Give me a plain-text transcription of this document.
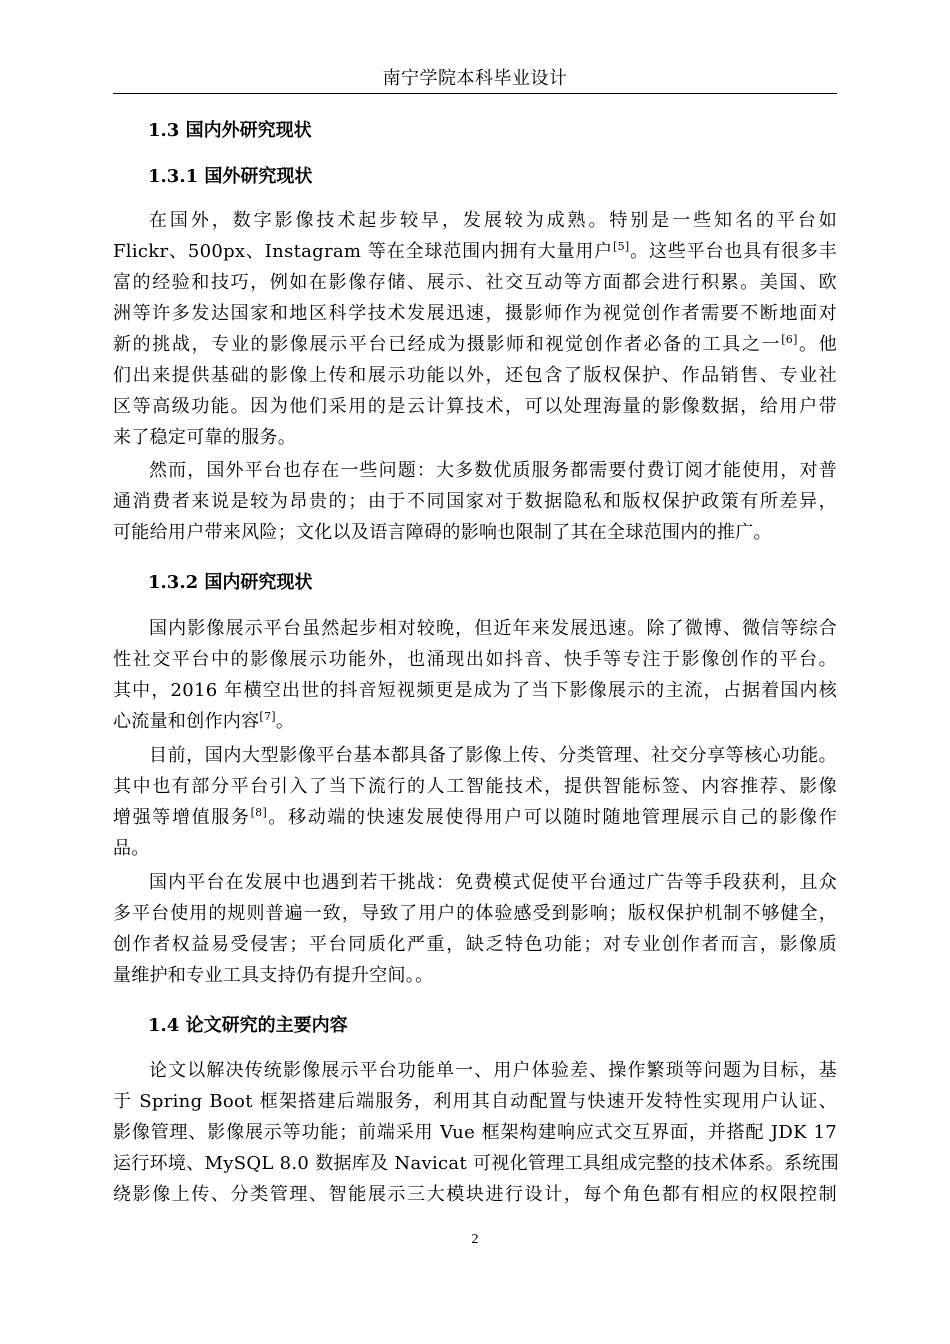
南宁学院本科毕业设计
1.3 国内外研究现状
1.3.1 国外研究现状
在国外，数字影像技术起步较早，发展较为成熟。特别是一些知名的平台如
Flickr、500px、Instagram 等在全球范围内拥有大量用户[5]。这些平台也具有很多丰
富的经验和技巧，例如在影像存储、展示、社交互动等方面都会进行积累。美国、欧
洲等许多发达国家和地区科学技术发展迅速，摄影师作为视觉创作者需要不断地面对
新的挑战，专业的影像展示平台已经成为摄影师和视觉创作者必备的工具之一[6]。他
们出来提供基础的影像上传和展示功能以外，还包含了版权保护、作品销售、专业社
区等高级功能。因为他们采用的是云计算技术，可以处理海量的影像数据，给用户带
来了稳定可靠的服务。
然而，国外平台也存在一些问题：大多数优质服务都需要付费订阅才能使用，对普
通消费者来说是较为昂贵的；由于不同国家对于数据隐私和版权保护政策有所差异，
可能给用户带来风险；文化以及语言障碍的影响也限制了其在全球范围内的推广。
1.3.2 国内研究现状
国内影像展示平台虽然起步相对较晚，但近年来发展迅速。除了微博、微信等综合
性社交平台中的影像展示功能外，也涌现出如抖音、快手等专注于影像创作的平台。
其中，2016 年横空出世的抖音短视频更是成为了当下影像展示的主流，占据着国内核
心流量和创作内容[7]。
目前，国内大型影像平台基本都具备了影像上传、分类管理、社交分享等核心功能。
其中也有部分平台引入了当下流行的人工智能技术，提供智能标签、内容推荐、影像
增强等增值服务[8]。移动端的快速发展使得用户可以随时随地管理展示自己的影像作
品。
国内平台在发展中也遇到若干挑战：免费模式促使平台通过广告等手段获利，且众
多平台使用的规则普遍一致，导致了用户的体验感受到影响；版权保护机制不够健全，
创作者权益易受侵害；平台同质化严重，缺乏特色功能；对专业创作者而言，影像质
量维护和专业工具支持仍有提升空间。。
1.4 论文研究的主要内容
论文以解决传统影像展示平台功能单一、用户体验差、操作繁琐等问题为目标，基
于 Spring Boot 框架搭建后端服务，利用其自动配置与快速开发特性实现用户认证、
影像管理、影像展示等功能；前端采用 Vue 框架构建响应式交互界面，并搭配 JDK 17
运行环境、MySQL 8.0 数据库及 Navicat 可视化管理工具组成完整的技术体系。系统围
绕影像上传、分类管理、智能展示三大模块进行设计，每个角色都有相应的权限控制
2
